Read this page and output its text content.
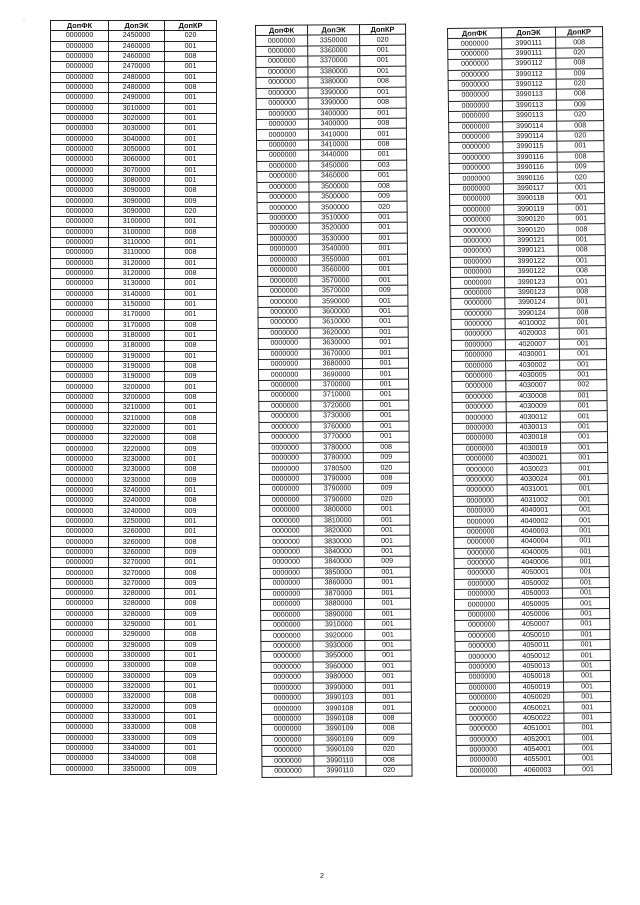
·	ДопФК	ДопЭК	ДопКР
0000000	2450000	020
0000000	2460000	001
0000000	2460000	008
0000000	2470000	001
0000000	2480000	001
0000000	2480000	008
0000000	2490000	001
0000000	3010000	001
0000000	3020000	001
0000000	3030000	001
0000000	3040000	001
0000000	3050000	001
0000000	3060000	001
0000000	3070000	001
0000000	3080000	001
0000000	3090000	008
0000000	3090000	009
0000000	3090000	020
0000000	3100000	001
0000000	3100000	008
0000000	3110000	001
0000000	3110000	008
0000000	3120000	001
0000000	3120000	008
0000000	3130000	001
0000000	3140000	001
0000000	3150000	001
0000000	3170000	001
0000000	3170000	008
0000000	3180000	001
0000000	3180000	008
0000000	3190000	001
0000000	3190000	008
0000000	3190000	009
0000000	3200000	001
0000000	3200000	008
0000000	3210000	001
0000000	3210000	008
0000000	3220000	001
0000000	3220000	008
0000000	3220000	009
0000000	3230000	001
0000000	3230000	008
0000000	3230000	009
0000000	3240000	001
0000000	3240000	008
0000000	3240000	009
0000000	3250000	001
0000000	3260000	001
0000000	3260000	008
0000000	3260000	009
0000000	3270000	001
0000000	3270000	008
0000000	3270000	009
0000000	3280000	001
0000000	3280000	008
0000000	3280000	009
0000000	3290000	001
0000000	3290000	008
0000000	3290000	009
0000000	3300000	001
0000000	3300000	008
0000000	3300000	009
0000000	3320000	001
0000000	3320000	008
0000000	3320000	009
0000000	3330000	001
0000000	3330000	008
0000000	3330000	009
0000000	3340000	001
0000000	3340000	008
0000000	3350000	009
ДопФК	ДопЭК	ДопКР
0000000	3350000	020
0000000	3360000	001
0000000	3370000	001
0000000	3380000	001
0000000	3380000	008
0000000	3390000	001
0000000	3390000	008
0000000	3400000	001
0000000	3400000	008
0000000	3410000	001
0000000	3410000	008
0000000	3440000	001
0000000	3450000	003
0000000	3460000	001
0000000	3500000	008
0000000	3500000	009
0000000	3500000	020
0000000	3510000	001
0000000	3520000	001
0000000	3530000	001
0000000	3540000	001
0000000	3550000	001
0000000	3560000	001
0000000	3570000	001
0000000	3570000	009
0000000	3590000	001
0000000	3600000	001
0000000	3610000	001
0000000	3620000	001
0000000	3630000	001
0000000	3670000	001
0000000	3680000	001
0000000	3690000	001
0000000	3700000	001
0000000	3710000	001
0000000	3720000	001
0000000	3730000	001
0000000	3760000	001
0000000	3770000	001
0000000	3780000	008
0000000	3780000	009
0000000	3780500	020
0000000	3790000	008
0000000	3790000	009
0000000	3790000	020
0000000	3800000	001
0000000	3810000	001
0000000	3820000	001
0000000	3830000	001
0000000	3840000	001
0000000	3840000	009
0000000	3850000	001
0000000	3860000	001
0000000	3870000	001
0000000	3880000	001
0000000	3890000	001
0000000	3910000	001
0000000	3920000	001
0000000	3930000	001
0000000	3950000	001
0000000	3960000	001
0000000	3980000	001
0000000	3990000	001
0000000	3990103	001
0000000	3990108	001
0000000	3990108	008
0000000	3990109	008
0000000	3990109	009
0000000	3990109	020
0000000	3990110	008
0000000	3990110	020
ДопФК	ДопЭК	ДопКР
0000000	3990111	008
0000000	3990111	020
0000000	3990112	008
0000000	3990112	009
0000000	3990112	020
0000000	3990113	008
0000000	3990113	009
0000000	3990113	020
0000000	3990114	008
0000000	3990114	020
0000000	3990115	001
0000000	3990116	008
0000000	3990116	009
0000000	3990116	020
0000000	3990117	001
0000000	3990118	001
0000000	3990119	001
0000000	3990120	001
0000000	3990120	008
0000000	3990121	001
0000000	3990121	008
0000000	3990122	001
0000000	3990122	008
0000000	3990123	001
0000000	3990123	008
0000000	3990124	001
0000000	3990124	008
0000000	4010002	001
0000000	4020003	001
0000000	4020007	001
0000000	4030001	001
0000000	4030002	001
0000000	4030005	001
0000000	4030007	002
0000000	4030008	001
0000000	4030009	001
0000000	4030012	001
0000000	4030013	001
0000000	4030018	001
0000000	4030019	001
0000000	4030021	001
0000000	4030023	001
0000000	4030024	001
0000000	4031001	001
0000000	4031002	001
0000000	4040001	001
0000000	4040002	001
0000000	4040003	001
0000000	4040004	001
0000000	4040005	001
0000000	4040006	001
0000000	4050001	001
0000000	4050002	001
0000000	4050003	001
0000000	4050005	001
0000000	4050006	001
0000000	4050007	001
0000000	4050010	001
0000000	4050011	001
0000000	4050012	001
0000000	4050013	001
0000000	4050018	001
0000000	4050019	001
0000000	4050020	001
0000000	4050021	001
0000000	4050022	001
0000000	4051001	001
0000000	4052001	001
0000000	4054001	001
0000000	4055001	001
0000000	4060003	001
2
